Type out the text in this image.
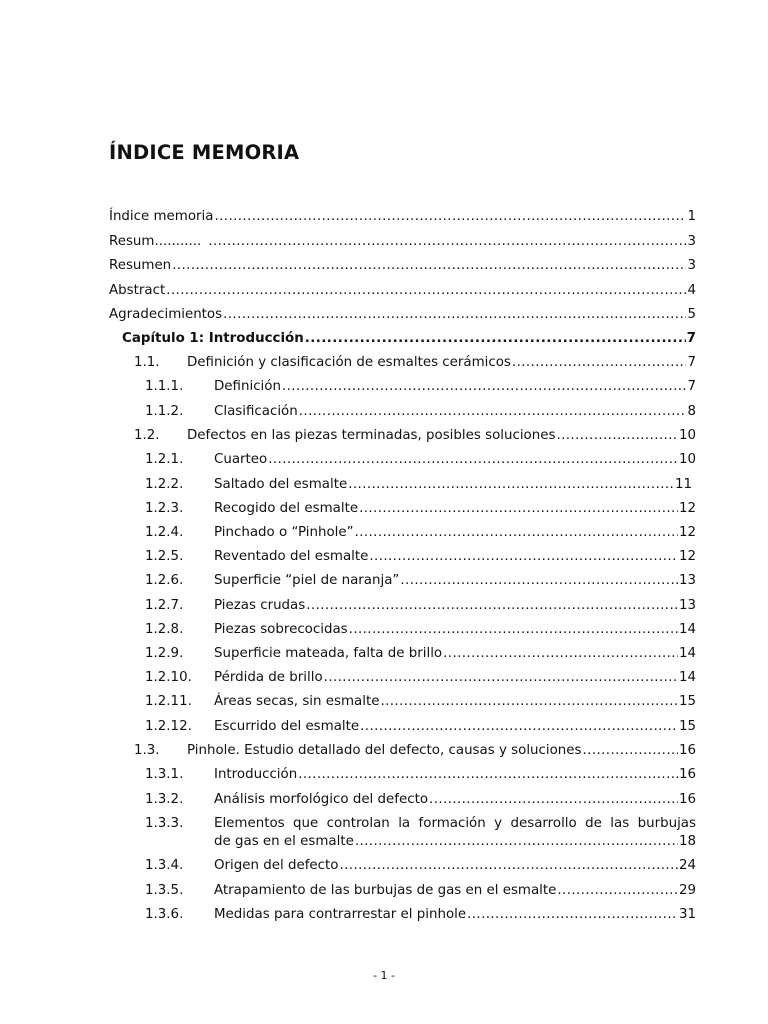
ÍNDICE MEMORIA
Índice memoria .....	1
Resum........... .....	3
Resumen .....	3
Abstract .....	4
Agradecimientos .....	5
Capítulo 1: Introducción .....	7
1.1.	Definición y clasificación de esmaltes cerámicos .....	7
1.1.1.	Definición .....	7
1.1.2.	Clasificación .....	8
1.2.	Defectos en las piezas terminadas, posibles soluciones .....	10
1.2.1.	Cuarteo .....	10
1.2.2.	Saltado del esmalte .....	11
1.2.3.	Recogido del esmalte .....	12
1.2.4.	Pinchado o “Pinhole” .....	12
1.2.5.	Reventado del esmalte .....	12
1.2.6.	Superficie “piel de naranja” .....	13
1.2.7.	Piezas crudas .....	13
1.2.8.	Piezas sobrecocidas .....	14
1.2.9.	Superficie mateada, falta de brillo .....	14
1.2.10.	Pérdida de brillo .....	14
1.2.11.	Áreas secas, sin esmalte .....	15
1.2.12.	Escurrido del esmalte .....	15
1.3.	Pinhole. Estudio detallado del defecto, causas y soluciones .....	16
1.3.1.	Introducción .....	16
1.3.2.	Análisis morfológico del defecto .....	16
1.3.3.	Elementos que controlan la formación y desarrollo de las burbujas
de gas en el esmalte .....	18
1.3.4.	Origen del defecto .....	24
1.3.5.	Atrapamiento de las burbujas de gas en el esmalte .....	29
1.3.6.	Medidas para contrarrestar el pinhole .....	31
- 1 -
